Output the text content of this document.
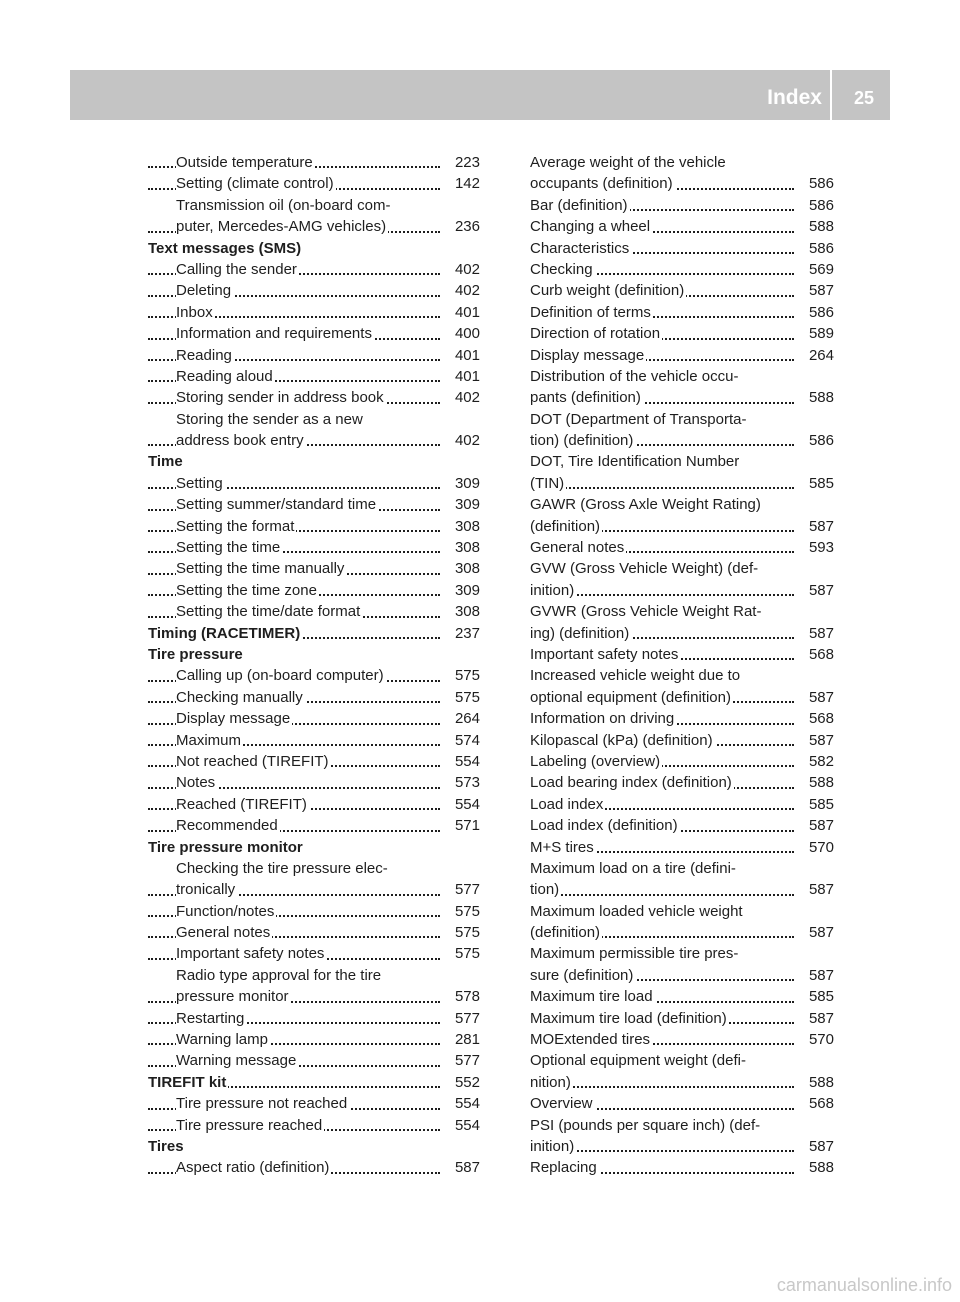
Index 25
Outside temperature	223
Setting (climate control)	142
Transmission oil (on-board com-
puter, Mercedes-AMG vehicles)	236
Text messages (SMS)
Calling the sender	402
Deleting	402
Inbox	401
Information and requirements	400
Reading	401
Reading aloud	401
Storing sender in address book	402
Storing the sender as a new
address book entry	402
Time
Setting	309
Setting summer/standard time	309
Setting the format	308
Setting the time	308
Setting the time manually	308
Setting the time zone	309
Setting the time/date format	308
Timing (RACETIMER)	237
Tire pressure
Calling up (on-board computer)	575
Checking manually	575
Display message	264
Maximum	574
Not reached (TIREFIT)	554
Notes	573
Reached (TIREFIT)	554
Recommended	571
Tire pressure monitor
Checking the tire pressure elec-
tronically	577
Function/notes	575
General notes	575
Important safety notes	575
Radio type approval for the tire
pressure monitor	578
Restarting	577
Warning lamp	281
Warning message	577
TIREFIT kit	552
Tire pressure not reached	554
Tire pressure reached	554
Tires
Aspect ratio (definition)	587
Average weight of the vehicle
occupants (definition)	586
Bar (definition)	586
Changing a wheel	588
Characteristics	586
Checking	569
Curb weight (definition)	587
Definition of terms	586
Direction of rotation	589
Display message	264
Distribution of the vehicle occu-
pants (definition)	588
DOT (Department of Transporta-
tion) (definition)	586
DOT, Tire Identification Number
(TIN)	585
GAWR (Gross Axle Weight Rating)
(definition)	587
General notes	593
GVW (Gross Vehicle Weight) (def-
inition)	587
GVWR (Gross Vehicle Weight Rat-
ing) (definition)	587
Important safety notes	568
Increased vehicle weight due to
optional equipment (definition)	587
Information on driving	568
Kilopascal (kPa) (definition)	587
Labeling (overview)	582
Load bearing index (definition)	588
Load index	585
Load index (definition)	587
M+S tires	570
Maximum load on a tire (defini-
tion)	587
Maximum loaded vehicle weight
(definition)	587
Maximum permissible tire pres-
sure (definition)	587
Maximum tire load	585
Maximum tire load (definition)	587
MOExtended tires	570
Optional equipment weight (defi-
nition)	588
Overview	568
PSI (pounds per square inch) (def-
inition)	587
Replacing	588
carmanualsonline.info
